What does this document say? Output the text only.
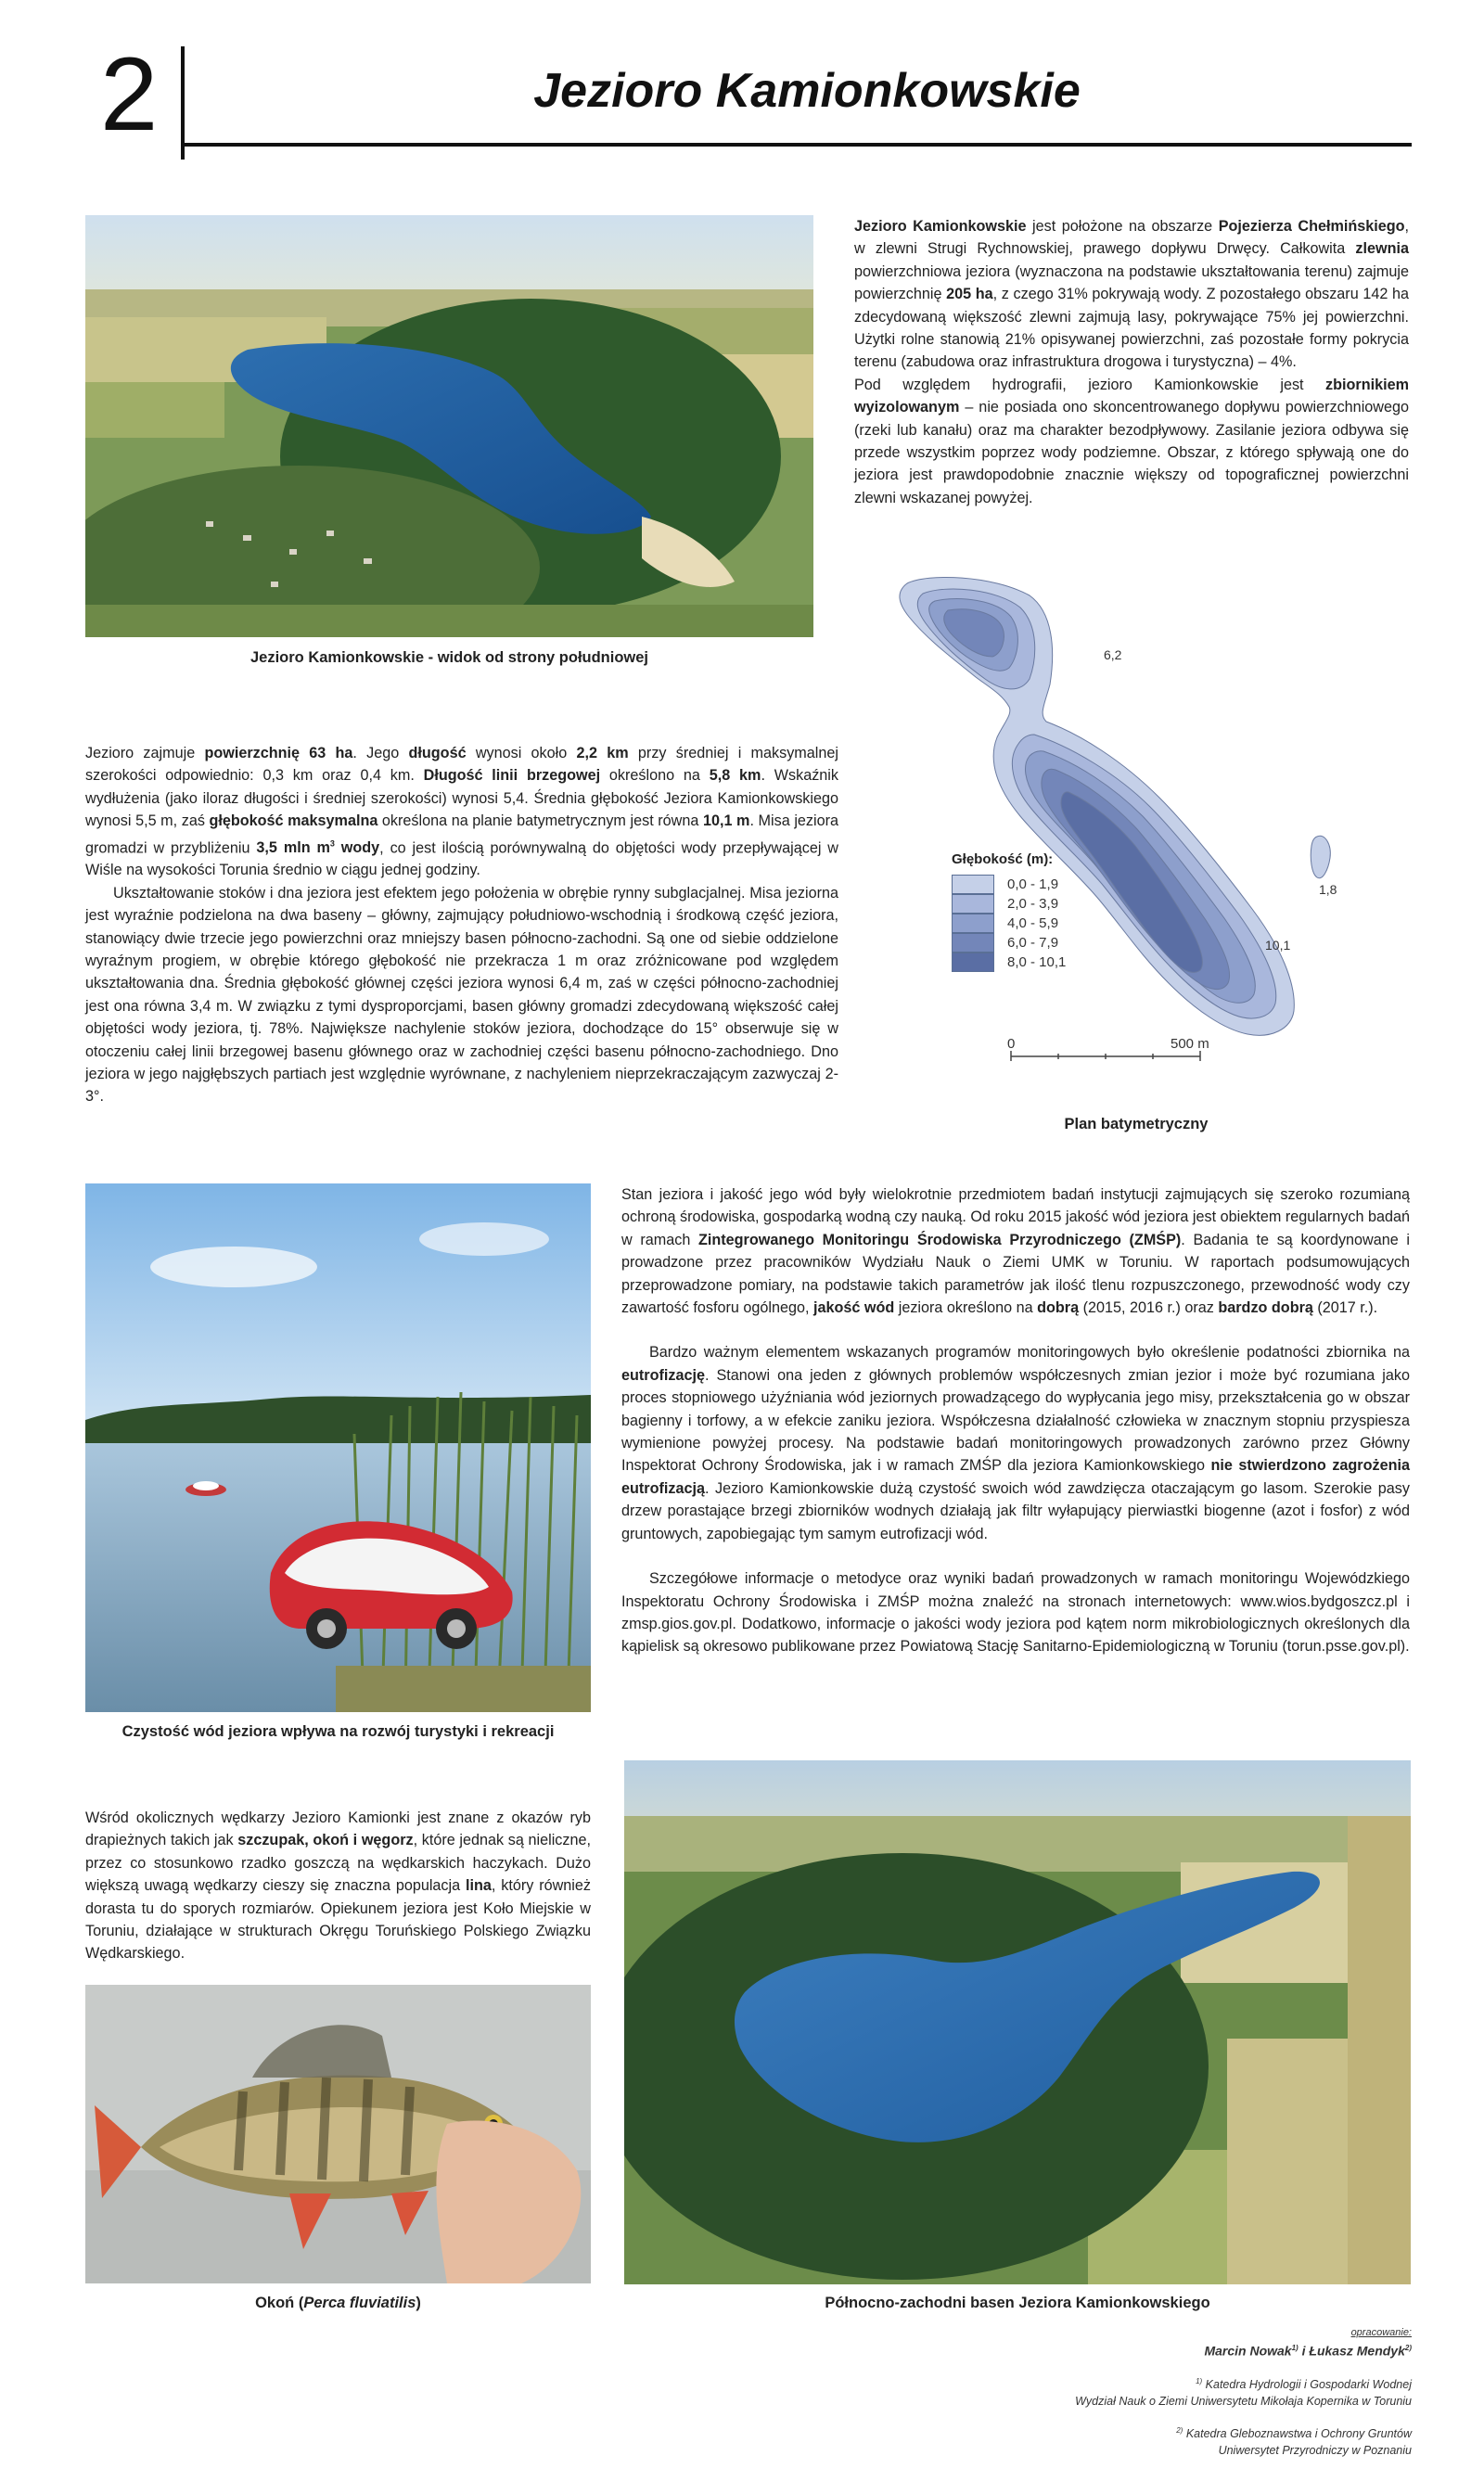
2	Jezioro Kamionkowskie
Jezioro Kamionkowskie - widok od strony południowej

Jezioro Kamionkowskie jest położone na obszarze Pojezierza Chełmińskiego, w zlewni Strugi Rychnowskiej, prawego dopływu Drwęcy. Całkowita zlewnia powierzchniowa jeziora (wyznaczona na podstawie ukształtowania terenu) zajmuje powierzchnię 205 ha, z czego 31% pokrywają wody. Z pozostałego obszaru 142 ha zdecydowaną większość zlewni zajmują lasy, pokrywające 75% jej powierzchni. Użytki rolne stanowią 21% opisywanej powierzchni, zaś pozostałe formy pokrycia terenu (zabudowa oraz infrastruktura drogowa i turystyczna) – 4%.

Pod względem hydrografii, jezioro Kamionkowskie jest zbiornikiem wyizolowanym – nie posiada ono skoncentrowanego dopływu powierzchniowego (rzeki lub kanału) oraz ma charakter bezodpływowy. Zasilanie jeziora odbywa się przede wszystkim poprzez wody podziemne. Obszar, z którego spływają one do jeziora jest prawdopodobnie znacznie większy od topograficznej powierzchni zlewni wskazanej powyżej.

Jezioro zajmuje powierzchnię 63 ha. Jego długość wynosi około 2,2 km przy średniej i maksymalnej szerokości odpowiednio: 0,3 km oraz 0,4 km. Długość linii brzegowej określono na 5,8 km. Wskaźnik wydłużenia (jako iloraz długości i średniej szerokości) wynosi 5,4. Średnia głębokość Jeziora Kamionkowskiego wynosi 5,5 m, zaś głębokość maksymalna określona na planie batymetrycznym jest równa 10,1 m. Misa jeziora gromadzi w przybliżeniu 3,5 mln $m^3$ wody, co jest ilością porównywalną do objętości wody przepływającej w Wiśle na wysokości Torunia średnio w ciągu jednej godziny.

Ukształtowanie stoków i dna jeziora jest efektem jego położenia w obrębie rynny subglacjalnej. Misa jeziorna jest wyraźnie podzielona na dwa baseny – główny, zajmujący południowo-wschodnią i środkową część jeziora, stanowiący dwie trzecie jego powierzchni oraz mniejszy basen północno-zachodni. Są one od siebie oddzielone wyraźnym progiem, w obrębie którego głębokość nie przekracza 1 m oraz zróżnicowane pod względem ukształtowania dna. Średnia głębokość głównej części jeziora wynosi 6,4 m, zaś w części północno-zachodniej jest ona równa 3,4 m. W związku z tymi dysproporcjami, basen główny gromadzi zdecydowaną większość całej objętości wody jeziora, tj. 78%. Największe nachylenie stoków jeziora, dochodzące do 15° obserwuje się w otoczeniu całej linii brzegowej basenu głównego oraz w zachodniej części basenu północno-zachodniego. Dno jeziora w jego najgłębszych partiach jest względnie wyrównane, z nachyleniem nieprzekraczającym zazwyczaj 2-3°.

6,2
1,8
10,1
0	500 m
Głębokość (m):
0,0 - 1,9
2,0 - 3,9
4,0 - 5,9
6,0 - 7,9
8,0 - 10,1
Plan batymetryczny
Czystość wód jeziora wpływa na rozwój turystyki i rekreacji

Stan jeziora i jakość jego wód były wielokrotnie przedmiotem badań instytucji zajmujących się szeroko rozumianą ochroną środowiska, gospodarką wodną czy nauką. Od roku 2015 jakość wód jeziora jest obiektem regularnych badań w ramach Zintegrowanego Monitoringu Środowiska Przyrodniczego (ZMŚP). Badania te są koordynowane i prowadzone przez pracowników Wydziału Nauk o Ziemi UMK w Toruniu. W raportach podsumowujących przeprowadzone pomiary, na podstawie takich parametrów jak ilość tlenu rozpuszczonego, przewodność wody czy zawartość fosforu ogólnego, jakość wód jeziora określono na dobrą (2015, 2016 r.) oraz bardzo dobrą (2017 r.).

Bardzo ważnym elementem wskazanych programów monitoringowych było określenie podatności zbiornika na eutrofizację. Stanowi ona jeden z głównych problemów współczesnych zmian jezior i może być rozumiana jako proces stopniowego użyźniania wód jeziornych prowadzącego do wypłycania jego misy, przekształcenia go w obszar bagienny i torfowy, a w efekcie zaniku jeziora. Współczesna działalność człowieka w znacznym stopniu przyspiesza wymienione powyżej procesy. Na podstawie badań monitoringowych prowadzonych zarówno przez Główny Inspektorat Ochrony Środowiska, jak i w ramach ZMŚP dla jeziora Kamionkowskiego nie stwierdzono zagrożenia eutrofizacją. Jezioro Kamionkowskie dużą czystość swoich wód zawdzięcza otaczającym go lasom. Szerokie pasy drzew porastające brzegi zbiorników wodnych działają jak filtr wyłapujący pierwiastki biogenne (azot i fosfor) z wód gruntowych, zapobiegając tym samym eutrofizacji wód.

Szczegółowe informacje o metodyce oraz wyniki badań prowadzonych w ramach monitoringu Wojewódzkiego Inspektoratu Ochrony Środowiska i ZMŚP można znaleźć na stronach internetowych: www.wios.bydgoszcz.pl i zmsp.gios.gov.pl. Dodatkowo, informacje o jakości wody jeziora pod kątem norm mikrobiologicznych określonych dla kąpielisk są okresowo publikowane przez Powiatową Stację Sanitarno-Epidemiologiczną w Toruniu (torun.psse.gov.pl).

Wśród okolicznych wędkarzy Jezioro Kamionki jest znane z okazów ryb drapieżnych takich jak szczupak, okoń i węgorz, które jednak są nieliczne, przez co stosunkowo rzadko goszczą na wędkarskich haczykach. Dużo większą uwagą wędkarzy cieszy się znaczna populacja lina, który również dorasta tu do sporych rozmiarów. Opiekunem jeziora jest Koło Miejskie w Toruniu, działające w strukturach Okręgu Toruńskiego Polskiego Związku Wędkarskiego.

Okoń (Perca fluviatilis)	Północno-zachodni basen Jeziora Kamionkowskiego
opracowanie:
Marcin Nowak$^{1)}$ i Łukasz Mendyk$^{2)}$
$^{1)}$ Katedra Hydrologii i Gospodarki Wodnej
Wydział Nauk o Ziemi Uniwersytetu Mikołaja Kopernika w Toruniu
$^{2)}$ Katedra Gleboznawstwa i Ochrony Gruntów
Uniwersytet Przyrodniczy w Poznaniu
